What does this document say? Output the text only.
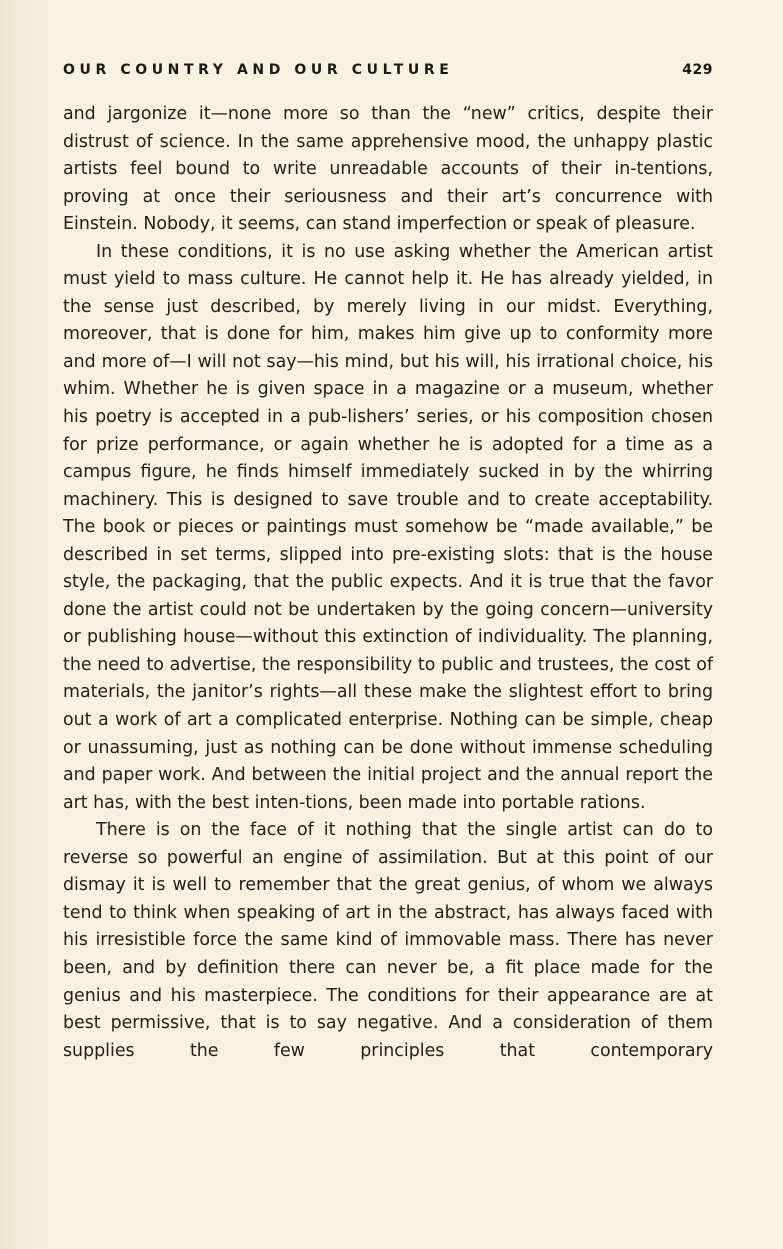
OUR COUNTRY AND OUR CULTURE	429

and jargonize it—none more so than the “new” critics, despite their distrust of science. In the same apprehensive mood, the unhappy plastic artists feel bound to write unreadable accounts of their in-tentions, proving at once their seriousness and their art’s concurrence with Einstein. Nobody, it seems, can stand imperfection or speak of pleasure.

In these conditions, it is no use asking whether the American artist must yield to mass culture. He cannot help it. He has already yielded, in the sense just described, by merely living in our midst. Everything, moreover, that is done for him, makes him give up to conformity more and more of—I will not say—his mind, but his will, his irrational choice, his whim. Whether he is given space in a magazine or a museum, whether his poetry is accepted in a pub-lishers’ series, or his composition chosen for prize performance, or again whether he is adopted for a time as a campus figure, he finds himself immediately sucked in by the whirring machinery. This is designed to save trouble and to create acceptability. The book or pieces or paintings must somehow be “made available,” be described in set terms, slipped into pre-existing slots: that is the house style, the packaging, that the public expects. And it is true that the favor done the artist could not be undertaken by the going concern—university or publishing house—without this extinction of individuality. The planning, the need to advertise, the responsibility to public and trustees, the cost of materials, the janitor’s rights—all these make the slightest effort to bring out a work of art a complicated enterprise. Nothing can be simple, cheap or unassuming, just as nothing can be done without immense scheduling and paper work. And between the initial project and the annual report the art has, with the best inten-tions, been made into portable rations.

There is on the face of it nothing that the single artist can do to reverse so powerful an engine of assimilation. But at this point of our dismay it is well to remember that the great genius, of whom we always tend to think when speaking of art in the abstract, has always faced with his irresistible force the same kind of immovable mass. There has never been, and by definition there can never be, a fit place made for the genius and his masterpiece. The conditions for their appearance are at best permissive, that is to say negative. And a consideration of them supplies the few principles that contemporary
